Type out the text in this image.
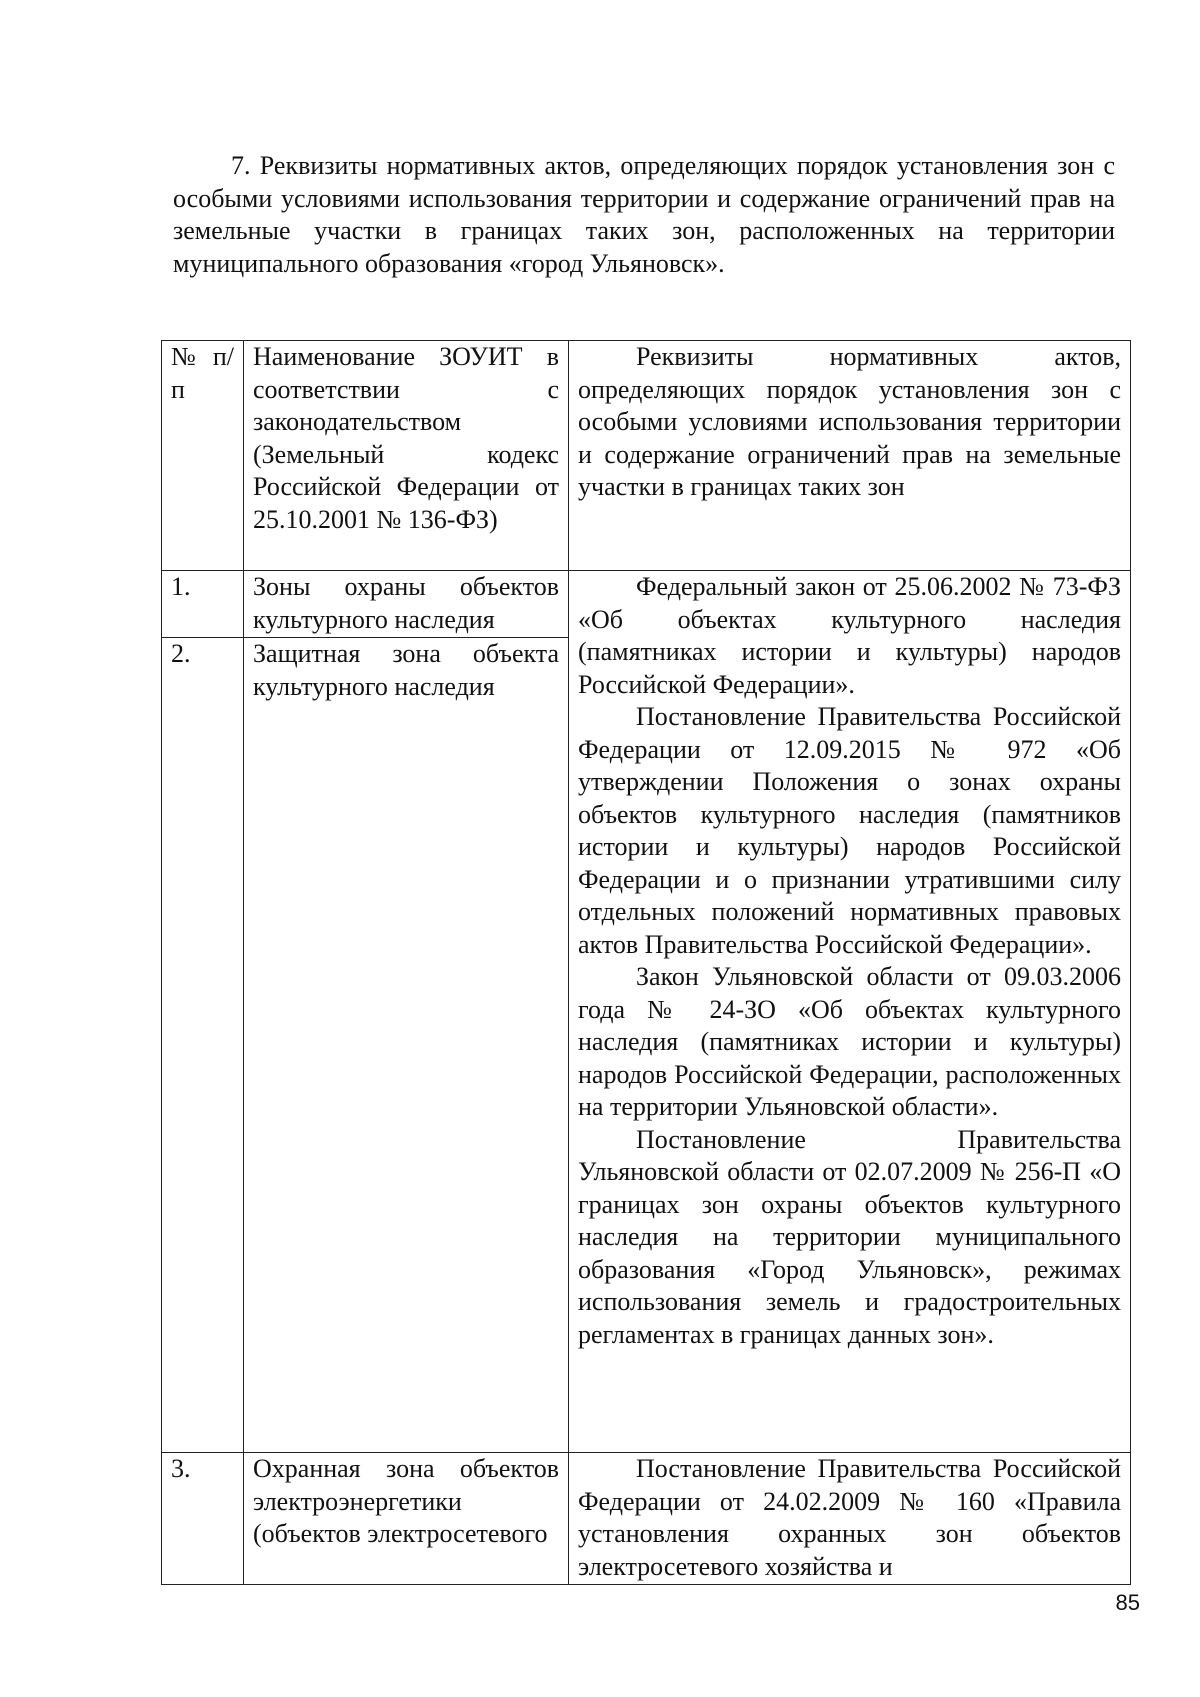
7. Реквизиты нормативных актов, определяющих порядок установления зон с особыми условиями использования территории и содержание ограничений прав на земельные участки в границах таких зон, расположенных на территории муниципального образования «город Ульяновск».

№ п/п	Наименование ЗОУИТ в соответствии с законодательством (Земельный кодекс Российской Федерации от 25.10.2001 № 136-ФЗ)	Реквизиты нормативных актов, определяющих порядок установления зон с особыми условиями использования территории и содержание ограничений прав на земельные участки в границах таких зон

1.	Зоны охраны объектов культурного наследия	Федеральный закон от 25.06.2002 № 73-ФЗ «Об объектах культурного наследия (памятниках истории и культуры) народов Российской Федерации».

Постановление Правительства Российской Федерации от 12.09.2015 № 972 «Об утверждении Положения о зонах охраны объектов культурного наследия (памятников истории и культуры) народов Российской Федерации и о признании утратившими силу отдельных положений нормативных правовых актов Правительства Российской Федерации».

Закон Ульяновской области от 09.03.2006 года № 24-ЗО «Об объектах культурного наследия (памятниках истории и культуры) народов Российской Федерации, расположенных на территории Ульяновской области».

Постановление Правительства Ульяновской области от 02.07.2009 № 256-П «О границах зон охраны объектов культурного наследия на территории муниципального образования «Город Ульяновск», режимах использования земель и градостроительных регламентах в границах данных зон».

2.	Защитная зона объекта культурного наследия	
3.	Охранная зона объектов электроэнергетики (объектов электросетевого	Постановление Правительства Российской Федерации от 24.02.2009 № 160 «Правила установления охранных зон объектов электросетевого хозяйства и

85
